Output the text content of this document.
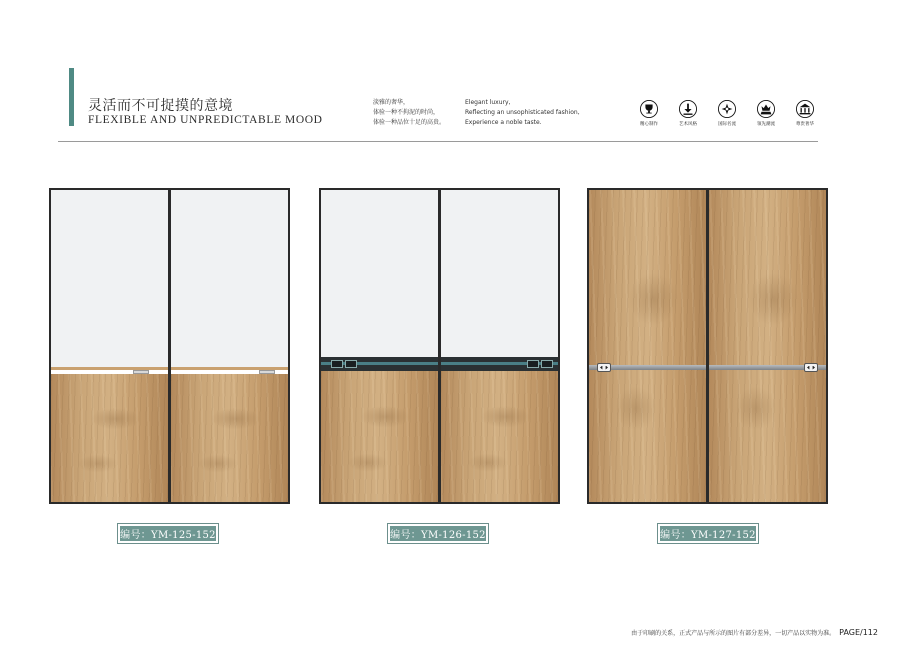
灵活而不可捉摸的意境
FLEXIBLE AND UNPREDICTABLE MOOD
淡雅的奢华，
体验一种不拘泥的时尚，
体验一种品位十足的高贵。
Elegant luxury,
Reflecting an unsophisticated fashion,
Experience a noble taste.	精心制作	艺术风格	国际名流	领先潮流	尊贵奢华
编号：YM-125-152	编号：YM-126-152	编号：YM-127-152
由于印刷的关系，正式产品与所示的图片有部分差异，一切产品以实物为准。 PAGE/112
